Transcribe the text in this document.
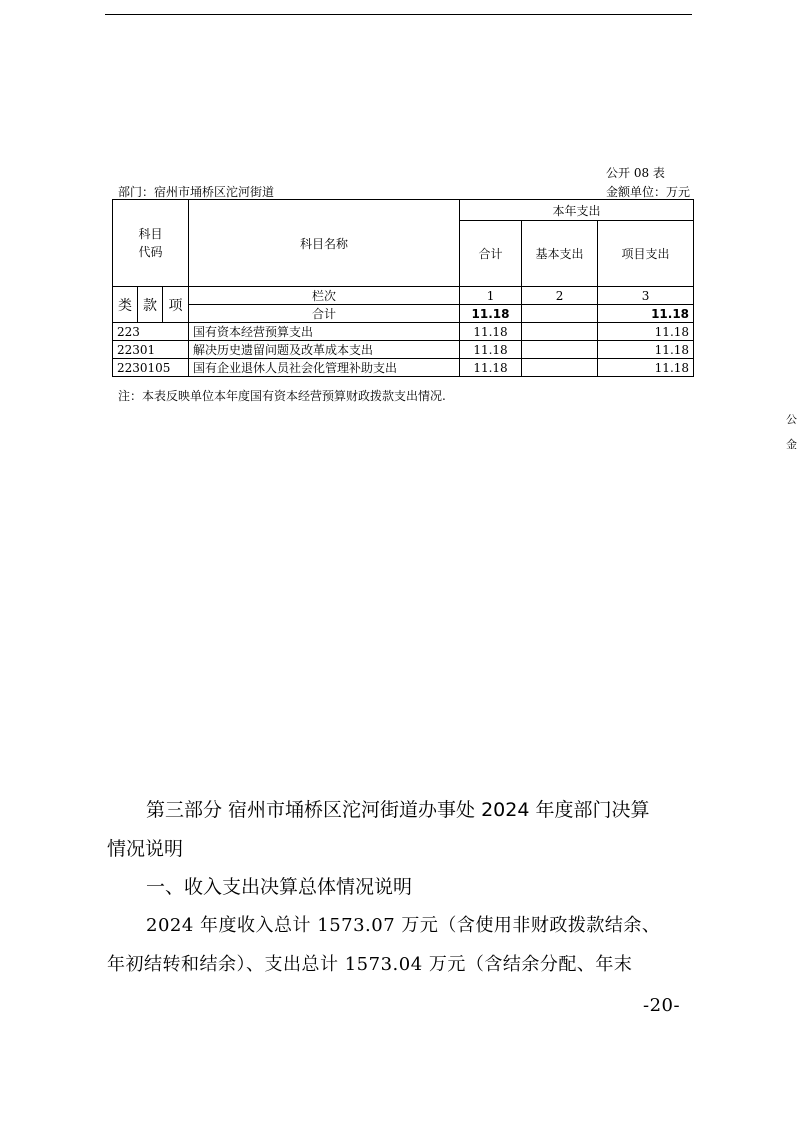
公开 08 表
部门：宿州市埇桥区沱河街道	金额单位：万元
科目
代码			科目名称	本年支出		
				合计	基本支出	项目支出
类	款	项	栏次	1	2	3
			合计	11.18		11.18
223			国有资本经营预算支出	11.18		11.18
22301			解决历史遗留问题及改革成本支出	11.18		11.18
2230105			国有企业退休人员社会化管理补助支出	11.18		11.18
注：本表反映单位本年度国有资本经营预算财政拨款支出情况.
公
金
第三部分 宿州市埇桥区沱河街道办事处 2024 年度部门决算
情况说明
一、收入支出决算总体情况说明
2024 年度收入总计 1573.07 万元（含使用非财政拨款结余、
年初结转和结余）、支出总计 1573.04 万元（含结余分配、年末
-20-
